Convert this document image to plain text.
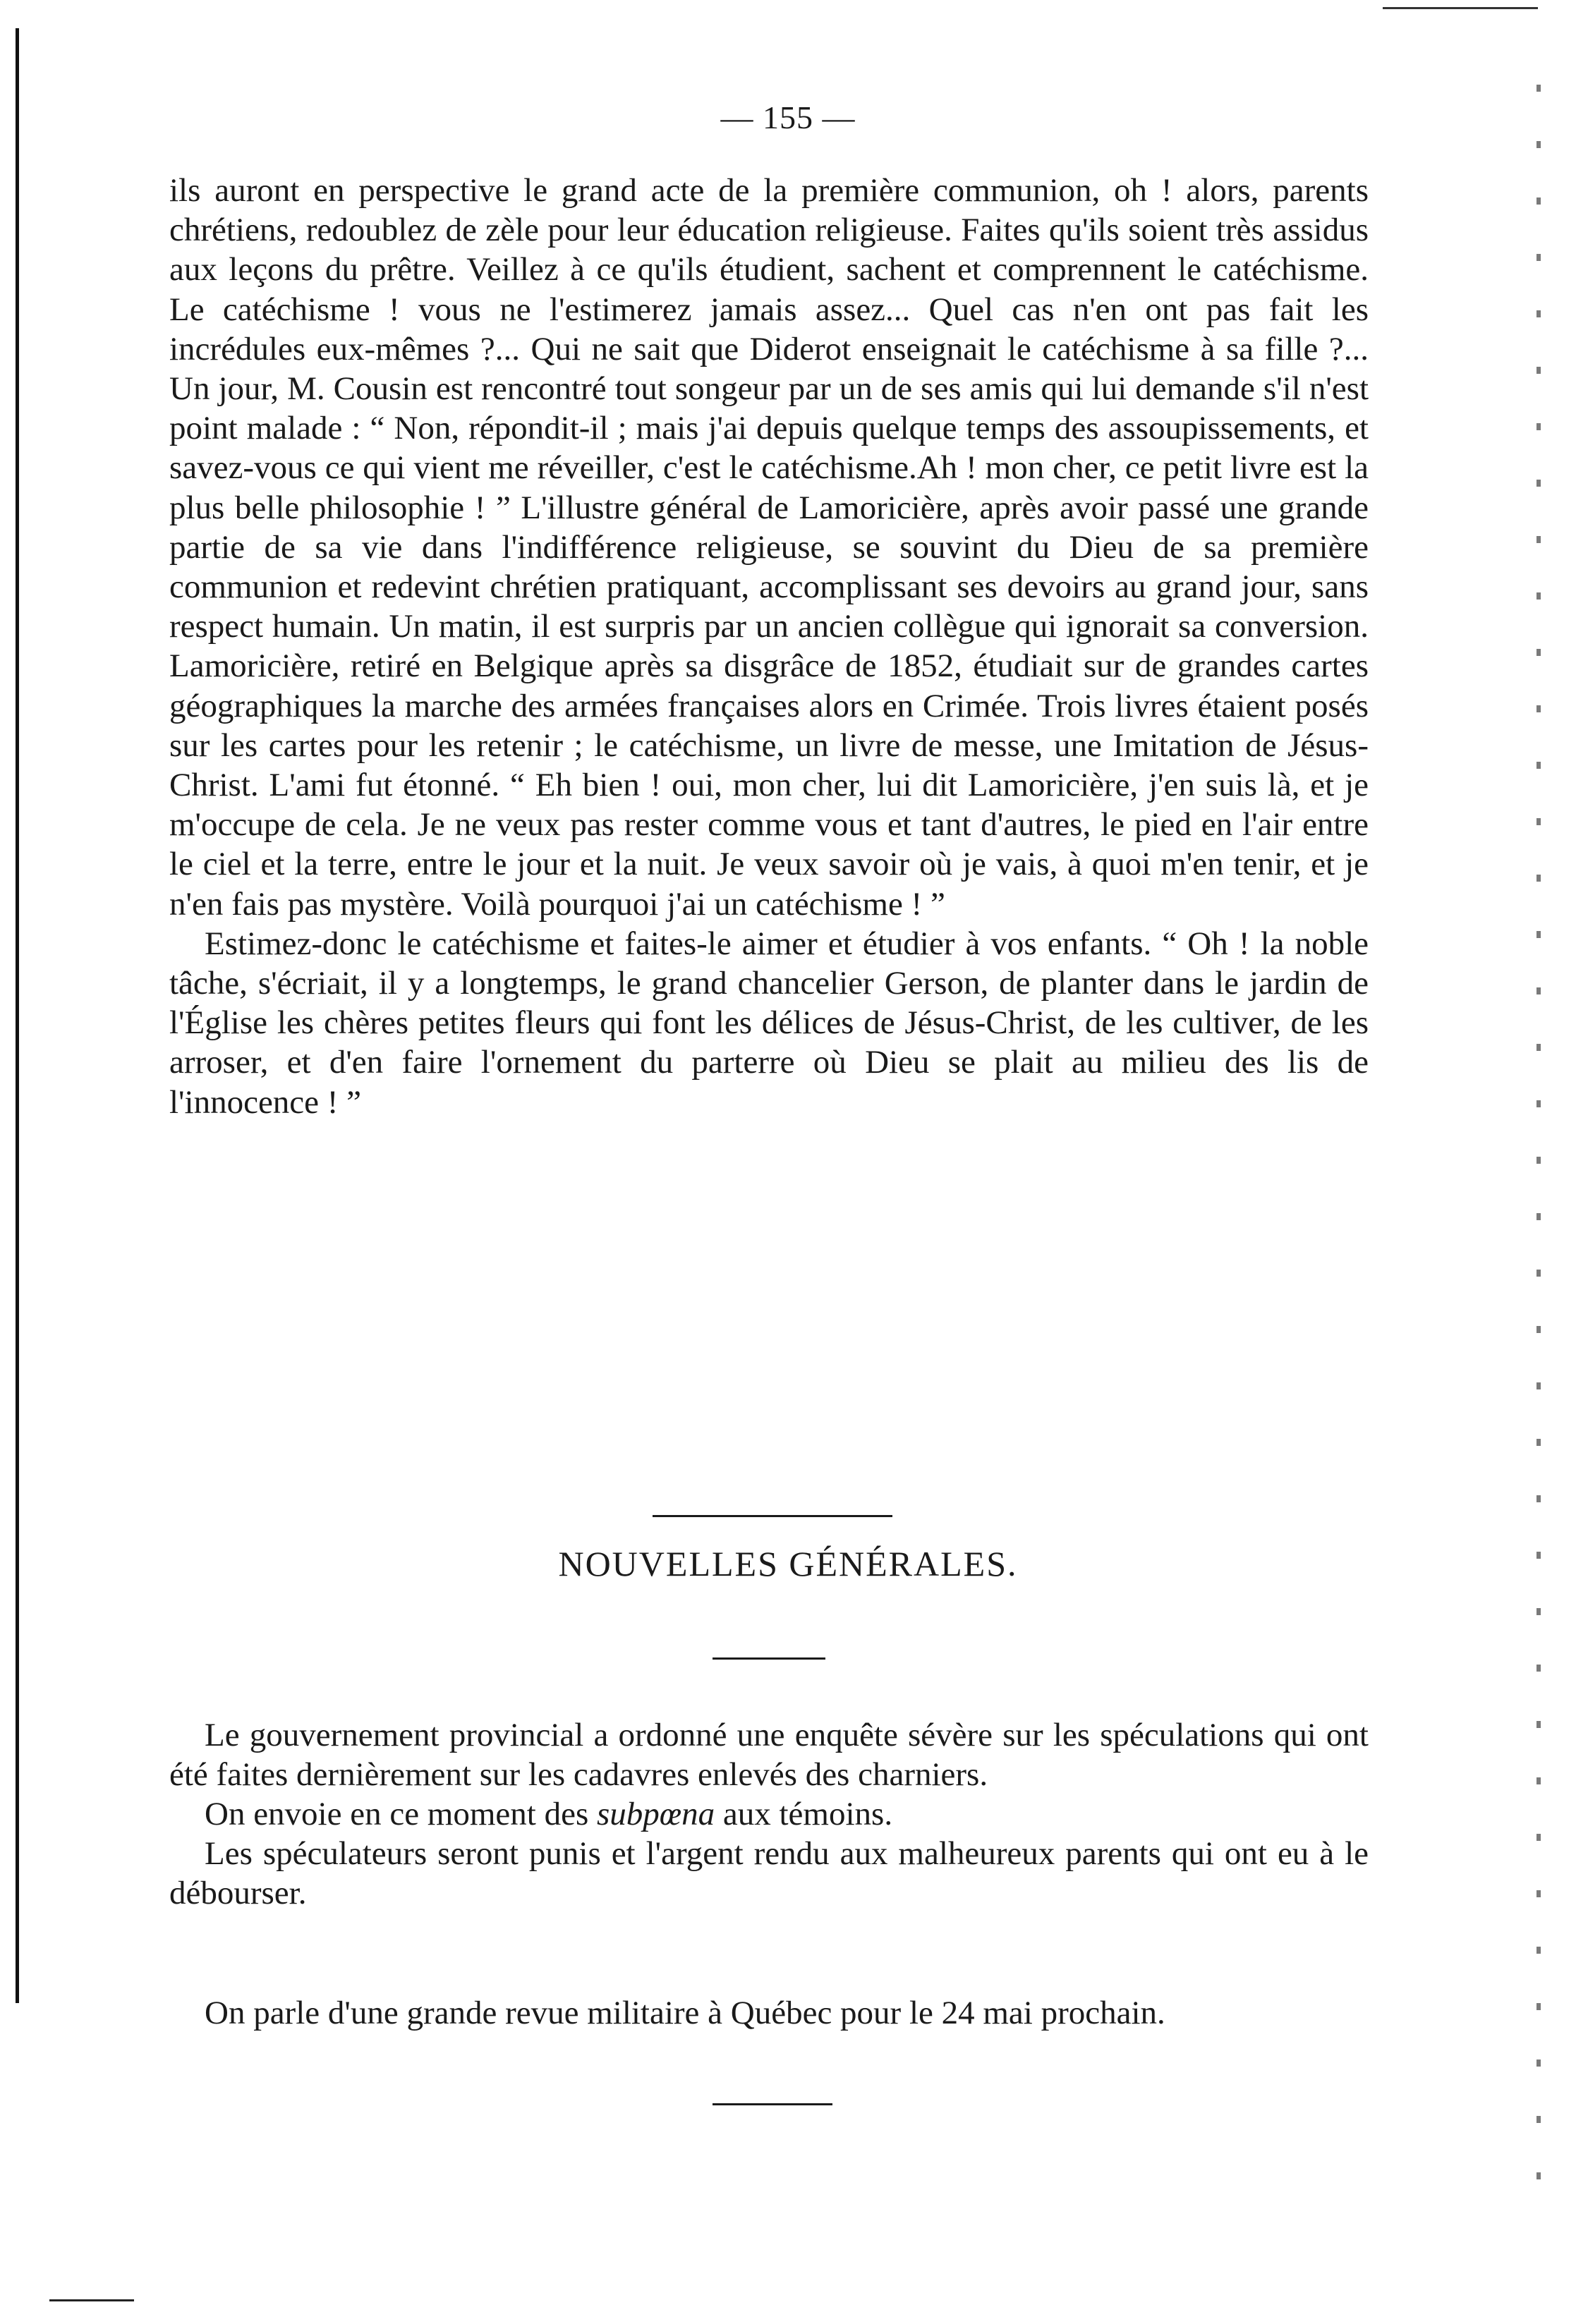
— 155 —

ils auront en perspective le grand acte de la première communion, oh ! alors, parents chrétiens, redoublez de zèle pour leur éducation religieuse. Faites qu'ils soient très assidus aux leçons du prêtre. Veillez à ce qu'ils étudient, sachent et comprennent le catéchisme. Le catéchisme ! vous ne l'estimerez jamais assez... Quel cas n'en ont pas fait les incrédules eux-mêmes ?... Qui ne sait que Diderot enseignait le catéchisme à sa fille ?... Un jour, M. Cousin est rencontré tout songeur par un de ses amis qui lui demande s'il n'est point malade : “ Non, répondit-il ; mais j'ai depuis quelque temps des assoupissements, et savez-vous ce qui vient me réveiller, c'est le catéchisme.Ah ! mon cher, ce petit livre est la plus belle philosophie ! ” L'illustre général de Lamoricière, après avoir passé une grande partie de sa vie dans l'indifférence religieuse, se souvint du Dieu de sa première communion et redevint chrétien pratiquant, accomplissant ses devoirs au grand jour, sans respect humain. Un matin, il est surpris par un ancien collègue qui ignorait sa conversion. Lamoricière, retiré en Belgique après sa disgrâce de 1852, étudiait sur de grandes cartes géographiques la marche des armées françaises alors en Crimée. Trois livres étaient posés sur les cartes pour les retenir ; le catéchisme, un livre de messe, une Imitation de Jésus-Christ. L'ami fut étonné. “ Eh bien ! oui, mon cher, lui dit Lamoricière, j'en suis là, et je m'occupe de cela. Je ne veux pas rester comme vous et tant d'autres, le pied en l'air entre le ciel et la terre, entre le jour et la nuit. Je veux savoir où je vais, à quoi m'en tenir, et je n'en fais pas mystère. Voilà pourquoi j'ai un catéchisme ! ”

Estimez-donc le catéchisme et faites-le aimer et étudier à vos enfants. “ Oh ! la noble tâche, s'écriait, il y a longtemps, le grand chancelier Gerson, de planter dans le jardin de l'Église les chères petites fleurs qui font les délices de Jésus-Christ, de les cultiver, de les arroser, et d'en faire l'ornement du parterre où Dieu se plait au milieu des lis de l'innocence ! ”

NOUVELLES GÉNÉRALES.

Le gouvernement provincial a ordonné une enquête sévère sur les spéculations qui ont été faites dernièrement sur les cadavres enlevés des charniers.

On envoie en ce moment des subpœna aux témoins.

Les spéculateurs seront punis et l'argent rendu aux malheureux parents qui ont eu à le débourser.

On parle d'une grande revue militaire à Québec pour le 24 mai prochain.
